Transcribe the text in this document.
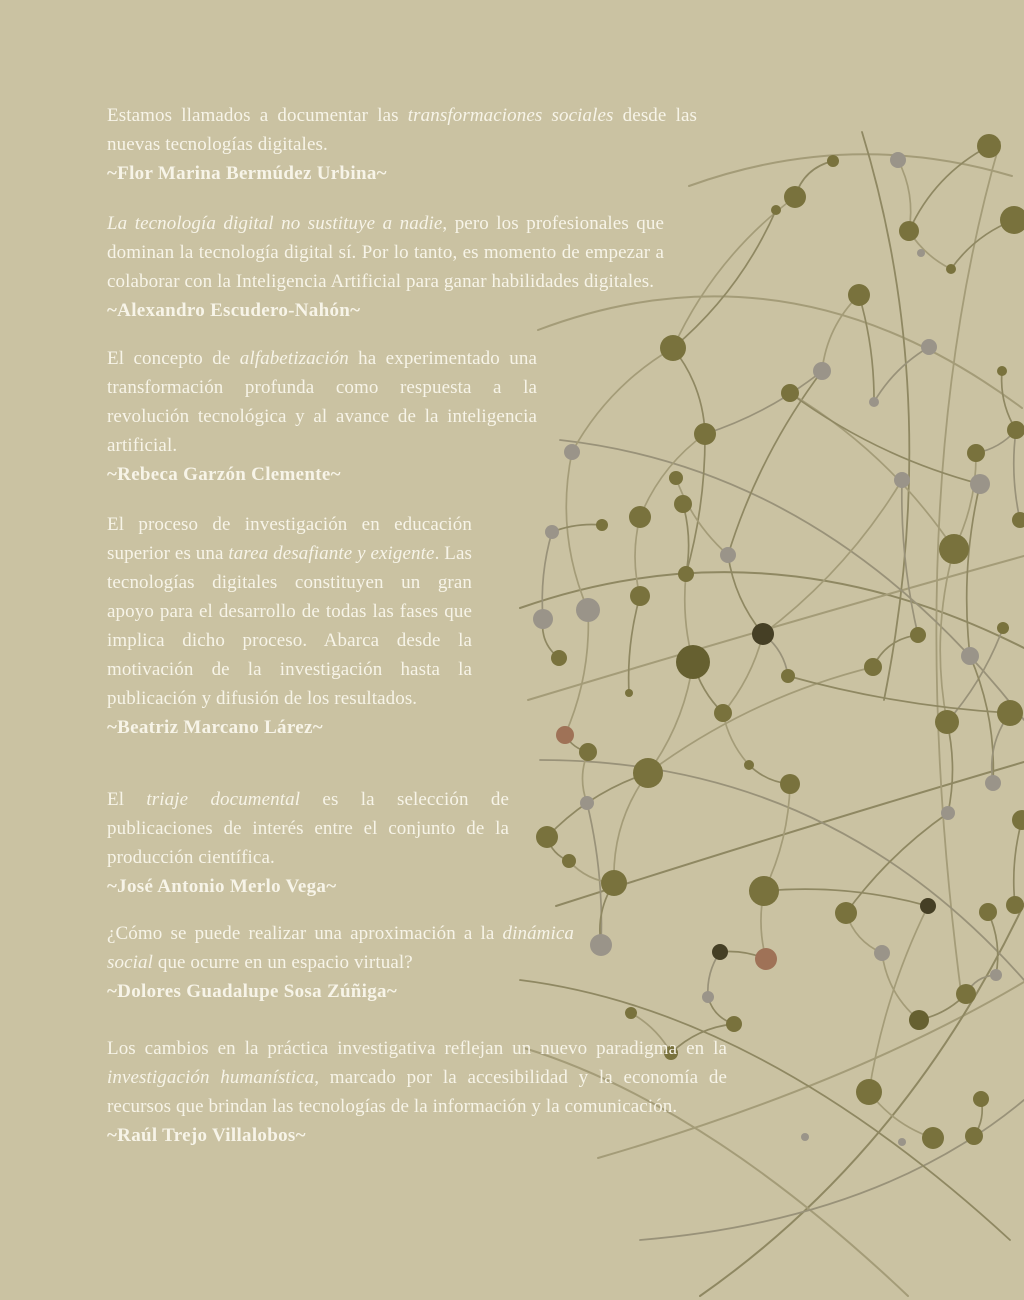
Estamos llamados a documentar las transformaciones sociales desde las nuevas tecnologías digitales.

~Flor Marina Bermúdez Urbina~

La tecnología digital no sustituye a nadie, pero los profesionales que dominan la tecnología digital sí. Por lo tanto, es momento de empezar a colaborar con la Inteligencia Artificial para ganar habilidades digitales.

~Alexandro Escudero-Nahón~

El concepto de alfabetización ha experimentado una transformación profunda como respuesta a la revolución tecnológica y al avance de la inteligencia artificial.

~Rebeca Garzón Clemente~

El proceso de investigación en educación superior es una tarea desafiante y exigente. Las tecnologías digitales constituyen un gran apoyo para el desarrollo de todas las fases que implica dicho proceso. Abarca desde la motivación de la investigación hasta la publicación y difusión de los resultados.

~Beatriz Marcano Lárez~

El triaje documental es la selección de publicaciones de interés entre el conjunto de la producción científica.

~José Antonio Merlo Vega~

¿Cómo se puede realizar una aproximación a la dinámica social que ocurre en un espacio virtual?

~Dolores Guadalupe Sosa Zúñiga~

Los cambios en la práctica investigativa reflejan un nuevo paradigma en la investigación humanística, marcado por la accesibilidad y la economía de recursos que brindan las tecnologías de la información y la comunicación.

~Raúl Trejo Villalobos~
